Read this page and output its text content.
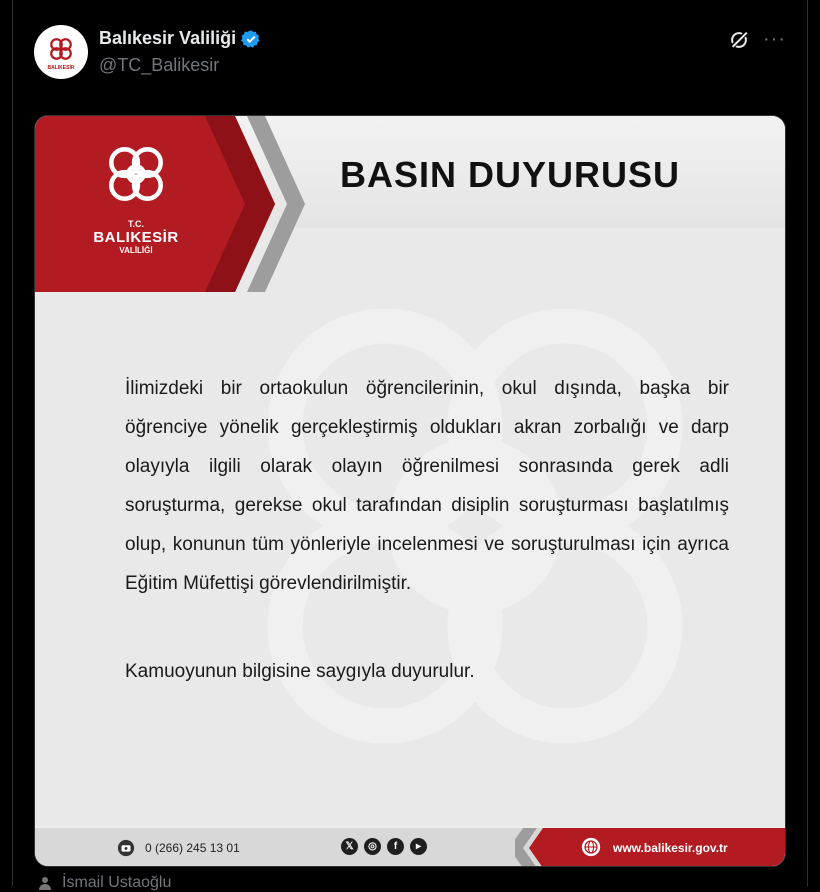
BALIKESİR
Balıkesir Valiliği
@TC_Balikesir
···
T.C.
BALIKESİR
VALİLİĞİ
BASIN DUYURUSU
İlimizdeki bir ortaokulun öğrencilerinin, okul dışında, başka bir öğrenciye yönelik gerçekleştirmiş oldukları akran zorbalığı ve darp olayıyla ilgili olarak olayın öğrenilmesi sonrasında gerek adli soruşturma, gerekse okul tarafından disiplin soruşturması başlatılmış olup, konunun tüm yönleriyle incelenmesi ve soruşturulması için ayrıca Eğitim Müfettişi görevlendirilmiştir.
Kamuoyunun bilgisine saygıyla duyurulur.
0 (266) 245 13 01	𝕏	◎	f	▸	www.balikesir.gov.tr
İsmail Ustaoğlu
